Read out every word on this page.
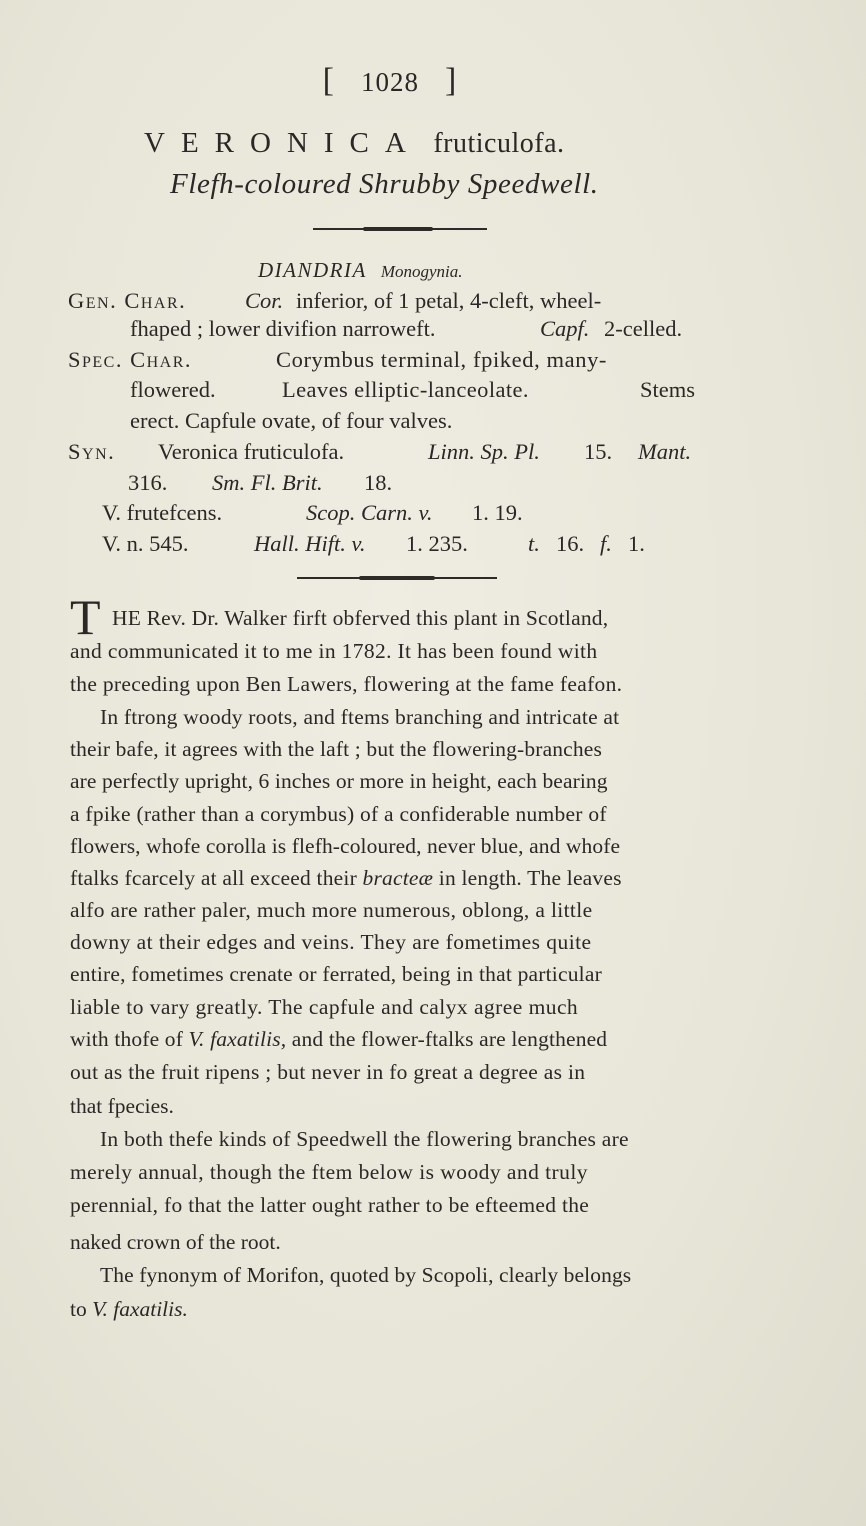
[ 1028 ]
VERONICA fruticulofa.
Flefh-coloured Shrubby Speedwell.
DIANDRIA Monogynia.
Gen. Char.	Cor. inferior, of 1 petal, 4-cleft, wheel-
fhaped ; lower divifion narroweft.	Capf. 2-celled.
Spec. Char.	Corymbus terminal, fpiked, many-
flowered.	Leaves elliptic-lanceolate.	Stems
erect. Capfule ovate, of four valves.
Syn. Veronica fruticulofa.	Linn. Sp. Pl. 15. Mant.
316. Sm. Fl. Brit. 18.
V. frutefcens.	Scop. Carn. v. 1. 19.
V. n. 545.	Hall. Hift. v. 1. 235.	t. 16. f. 1.
T HE Rev. Dr. Walker firft obferved this plant in Scotland,
and communicated it to me in 1782. It has been found with
the preceding upon Ben Lawers, flowering at the fame feafon.
In ftrong woody roots, and ftems branching and intricate at
their bafe, it agrees with the laft ; but the flowering-branches
are perfectly upright, 6 inches or more in height, each bearing
a fpike (rather than a corymbus) of a confiderable number of
flowers, whofe corolla is flefh-coloured, never blue, and whofe
ftalks fcarcely at all exceed their bracteæ in length. The leaves
alfo are rather paler, much more numerous, oblong, a little
downy at their edges and veins. They are fometimes quite
entire, fometimes crenate or ferrated, being in that particular
liable to vary greatly. The capfule and calyx agree much
with thofe of V. faxatilis, and the flower-ftalks are lengthened
out as the fruit ripens ; but never in fo great a degree as in
that fpecies.
In both thefe kinds of Speedwell the flowering branches are
merely annual, though the ftem below is woody and truly
perennial, fo that the latter ought rather to be efteemed the
naked crown of the root.
The fynonym of Morifon, quoted by Scopoli, clearly belongs
to V. faxatilis.
